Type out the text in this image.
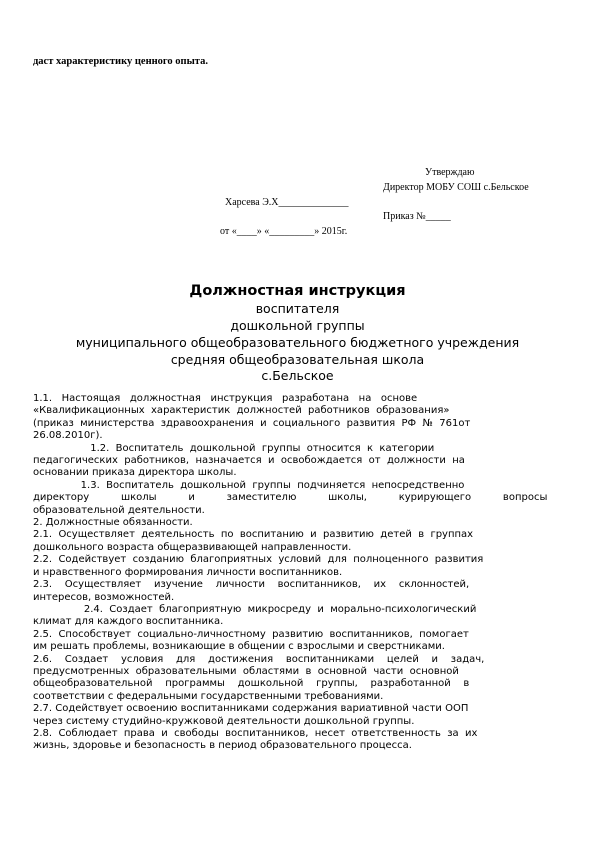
даст характеристику ценного опыта.
Утверждаю
Директор МОБУ СОШ с.Бельское
Харсева Э.Х______________
Приказ №_____
от «____» «_________» 2015г.
Должностная инструкция
воспитателя
дошкольной группы
муниципального общеобразовательного бюджетного учреждения
средняя общеобразовательная школа
с.Бельское
1.1.   Настоящая   должностная   инструкция   разработана   на   основе
«Квалификационных  характеристик  должностей  работников  образования»
(приказ  министерства  здравоохранения  и  социального  развития  РФ  №  761от
26.08.2010г).
1.2.  Воспитатель  дошкольной  группы  относится  к  категории
педагогических  работников,  назначается  и  освобождается  от  должности  на
основании приказа директора школы.
1.3.  Воспитатель  дошкольной  группы  подчиняется  непосредственно
директору          школы          и          заместителю          школы,          курирующего          вопросы
образовательной деятельности.
2. Должностные обязанности.
2.1.  Осуществляет  деятельность  по  воспитанию  и  развитию  детей  в  группах
дошкольного возраста общеразвивающей направленности.
2.2.  Содействует  созданию  благоприятных  условий  для  полноценного  развития
и нравственного формирования личности воспитанников.
2.3.    Осуществляет    изучение    личности    воспитанников,    их    склонностей,
интересов, возможностей.
2.4.  Создает  благоприятную  микросреду  и  морально-психологический
климат для каждого воспитанника.
2.5.  Способствует  социально-личностному  развитию  воспитанников,  помогает
им решать проблемы, возникающие в общении с взрослыми и сверстниками.
2.6.    Создает    условия    для    достижения    воспитанниками    целей    и    задач,
предусмотренных  образовательными  областями  в  основной  части  основной
общеобразовательной    программы    дошкольной    группы,    разработанной    в
соответствии с федеральными государственными требованиями.
2.7. Содействует освоению воспитанниками содержания вариативной части ООП
через систему студийно-кружковой деятельности дошкольной группы.
2.8.  Соблюдает  права  и  свободы  воспитанников,  несет  ответственность  за  их
жизнь, здоровье и безопасность в период образовательного процесса.
